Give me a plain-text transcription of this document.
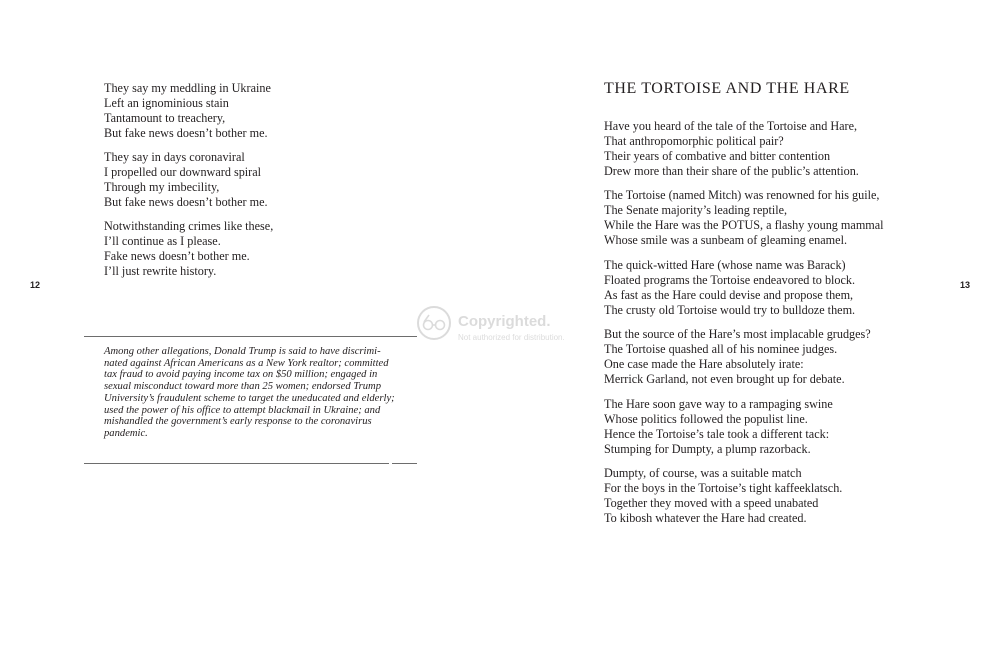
They say my meddling in Ukraine
Left an ignominious stain
Tantamount to treachery,
But fake news doesn’t bother me.
They say in days coronaviral
I propelled our downward spiral
Through my imbecility,
But fake news doesn’t bother me.
Notwithstanding crimes like these,
I’ll continue as I please.
Fake news doesn’t bother me.
I’ll just rewrite history.
12
Among other allegations, Donald Trump is said to have discrimi-
nated against African Americans as a New York realtor; committed
tax fraud to avoid paying income tax on $50 million; engaged in
sexual misconduct toward more than 25 women; endorsed Trump
University’s fraudulent scheme to target the uneducated and elderly;
used the power of his office to attempt blackmail in Ukraine; and
mishandled the government’s early response to the coronavirus
pandemic.
THE TORTOISE AND THE HARE
Have you heard of the tale of the Tortoise and Hare,
That anthropomorphic political pair?
Their years of combative and bitter contention
Drew more than their share of the public’s attention.
The Tortoise (named Mitch) was renowned for his guile,
The Senate majority’s leading reptile,
While the Hare was the POTUS, a flashy young mammal
Whose smile was a sunbeam of gleaming enamel.
The quick-witted Hare (whose name was Barack)
Floated programs the Tortoise endeavored to block.
As fast as the Hare could devise and propose them,
The crusty old Tortoise would try to bulldoze them.
But the source of the Hare’s most implacable grudges?
The Tortoise quashed all of his nominee judges.
One case made the Hare absolutely irate:
Merrick Garland, not even brought up for debate.
The Hare soon gave way to a rampaging swine
Whose politics followed the populist line.
Hence the Tortoise’s tale took a different tack:
Stumping for Dumpty, a plump razorback.
Dumpty, of course, was a suitable match
For the boys in the Tortoise’s tight kaffeeklatsch.
Together they moved with a speed unabated
To kibosh whatever the Hare had created.
13
Copyrighted.
Not authorized for distribution.
